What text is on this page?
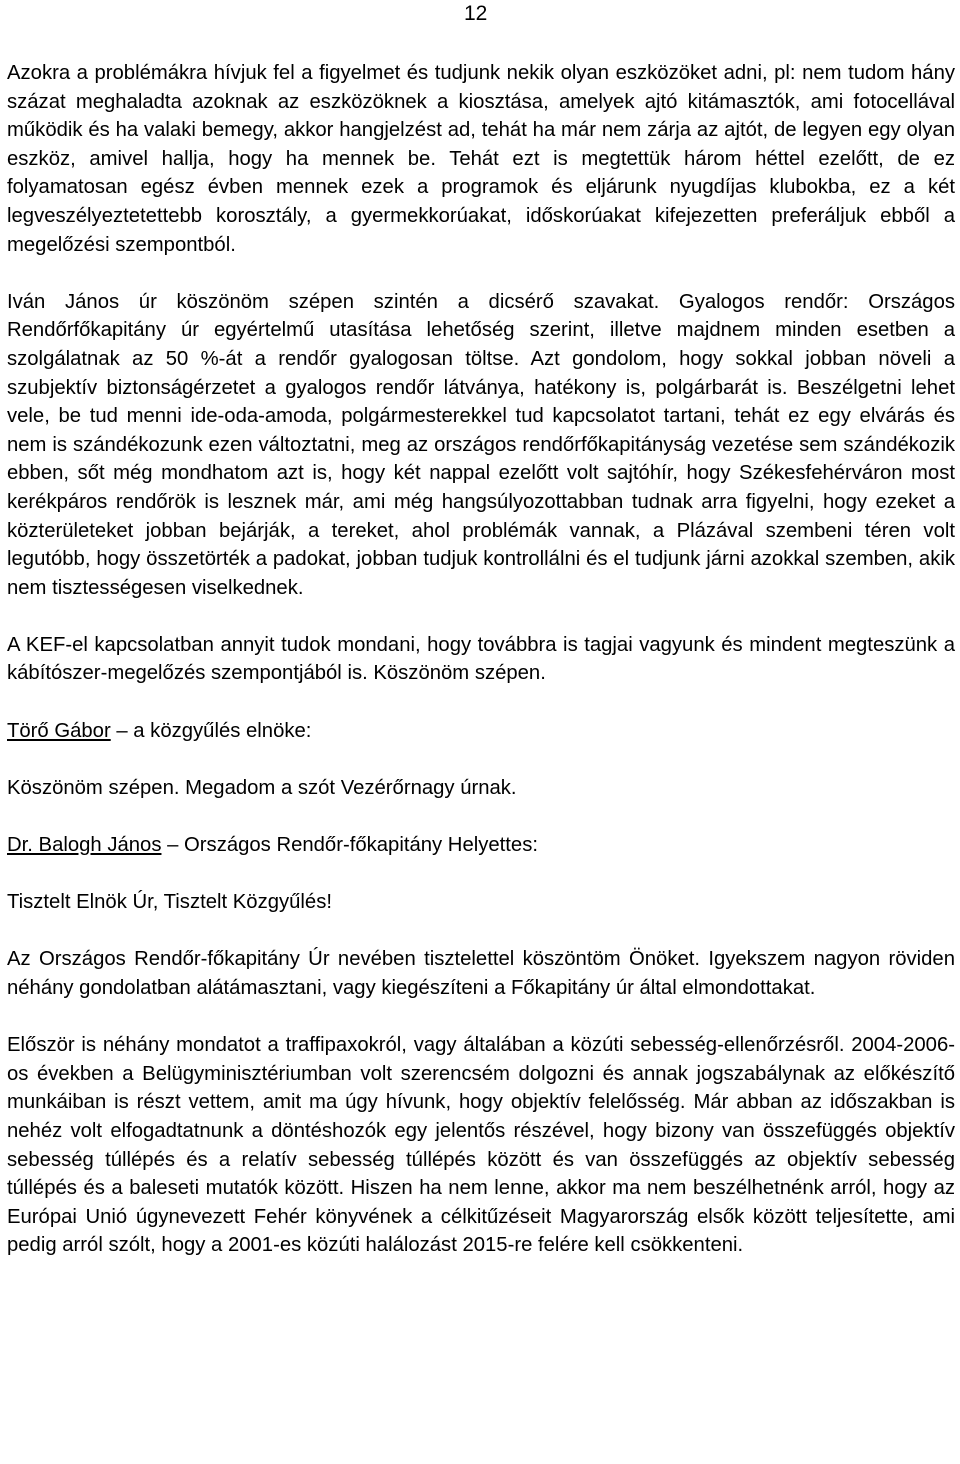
12

Azokra a problémákra hívjuk fel a figyelmet és tudjunk nekik olyan eszközöket adni, pl: nem tudom hány százat meghaladta azoknak az eszközöknek a kiosztása, amelyek ajtó kitámasztók, ami fotocellával működik és ha valaki bemegy, akkor hangjelzést ad, tehát ha már nem zárja az ajtót, de legyen egy olyan eszköz, amivel hallja, hogy ha mennek be. Tehát ezt is megtettük három héttel ezelőtt, de ez folyamatosan egész évben mennek ezek a programok és eljárunk nyugdíjas klubokba, ez a két legveszélyeztetettebb korosztály, a gyermekkorúakat, időskorúakat kifejezetten preferáljuk ebből a megelőzési szempontból.

Iván János úr köszönöm szépen szintén a dicsérő szavakat. Gyalogos rendőr: Országos Rendőrfőkapitány úr egyértelmű utasítása lehetőség szerint, illetve majdnem minden esetben a szolgálatnak az 50 %-át a rendőr gyalogosan töltse. Azt gondolom, hogy sokkal jobban növeli a szubjektív biztonságérzetet a gyalogos rendőr látványa, hatékony is, polgárbarát is. Beszélgetni lehet vele, be tud menni ide-oda-amoda, polgármesterekkel tud kapcsolatot tartani, tehát ez egy elvárás és nem is szándékozunk ezen változtatni, meg az országos rendőrfőkapitányság vezetése sem szándékozik ebben, sőt még mondhatom azt is, hogy két nappal ezelőtt volt sajtóhír, hogy Székesfehérváron most kerékpáros rendőrök is lesznek már, ami még hangsúlyozottabban tudnak arra figyelni, hogy ezeket a közterületeket jobban bejárják, a tereket, ahol problémák vannak, a Plázával szembeni téren volt legutóbb, hogy összetörték a padokat, jobban tudjuk kontrollálni és el tudjunk járni azokkal szemben, akik nem tisztességesen viselkednek.

A KEF-el kapcsolatban annyit tudok mondani, hogy továbbra is tagjai vagyunk és mindent megteszünk a kábítószer-megelőzés szempontjából is. Köszönöm szépen.

Törő Gábor – a közgyűlés elnöke:

Köszönöm szépen. Megadom a szót Vezérőrnagy úrnak.

Dr. Balogh János – Országos Rendőr-főkapitány Helyettes:

Tisztelt Elnök Úr, Tisztelt Közgyűlés!

Az Országos Rendőr-főkapitány Úr nevében tisztelettel köszöntöm Önöket. Igyekszem nagyon röviden néhány gondolatban alátámasztani, vagy kiegészíteni a Főkapitány úr által elmondottakat.

Először is néhány mondatot a traffipaxokról, vagy általában a közúti sebesség-ellenőrzésről. 2004-2006-os években a Belügyminisztériumban volt szerencsém dolgozni és annak jogszabálynak az előkészítő munkáiban is részt vettem, amit ma úgy hívunk, hogy objektív felelősség. Már abban az időszakban is nehéz volt elfogadtatnunk a döntéshozók egy jelentős részével, hogy bizony van összefüggés objektív sebesség túllépés és a relatív sebesség túllépés között és van összefüggés az objektív sebesség túllépés és a baleseti mutatók között. Hiszen ha nem lenne, akkor ma nem beszélhetnénk arról, hogy az Európai Unió úgynevezett Fehér könyvének a célkitűzéseit Magyarország elsők között teljesítette, ami pedig arról szólt, hogy a 2001-es közúti halálozást 2015-re felére kell csökkenteni.
